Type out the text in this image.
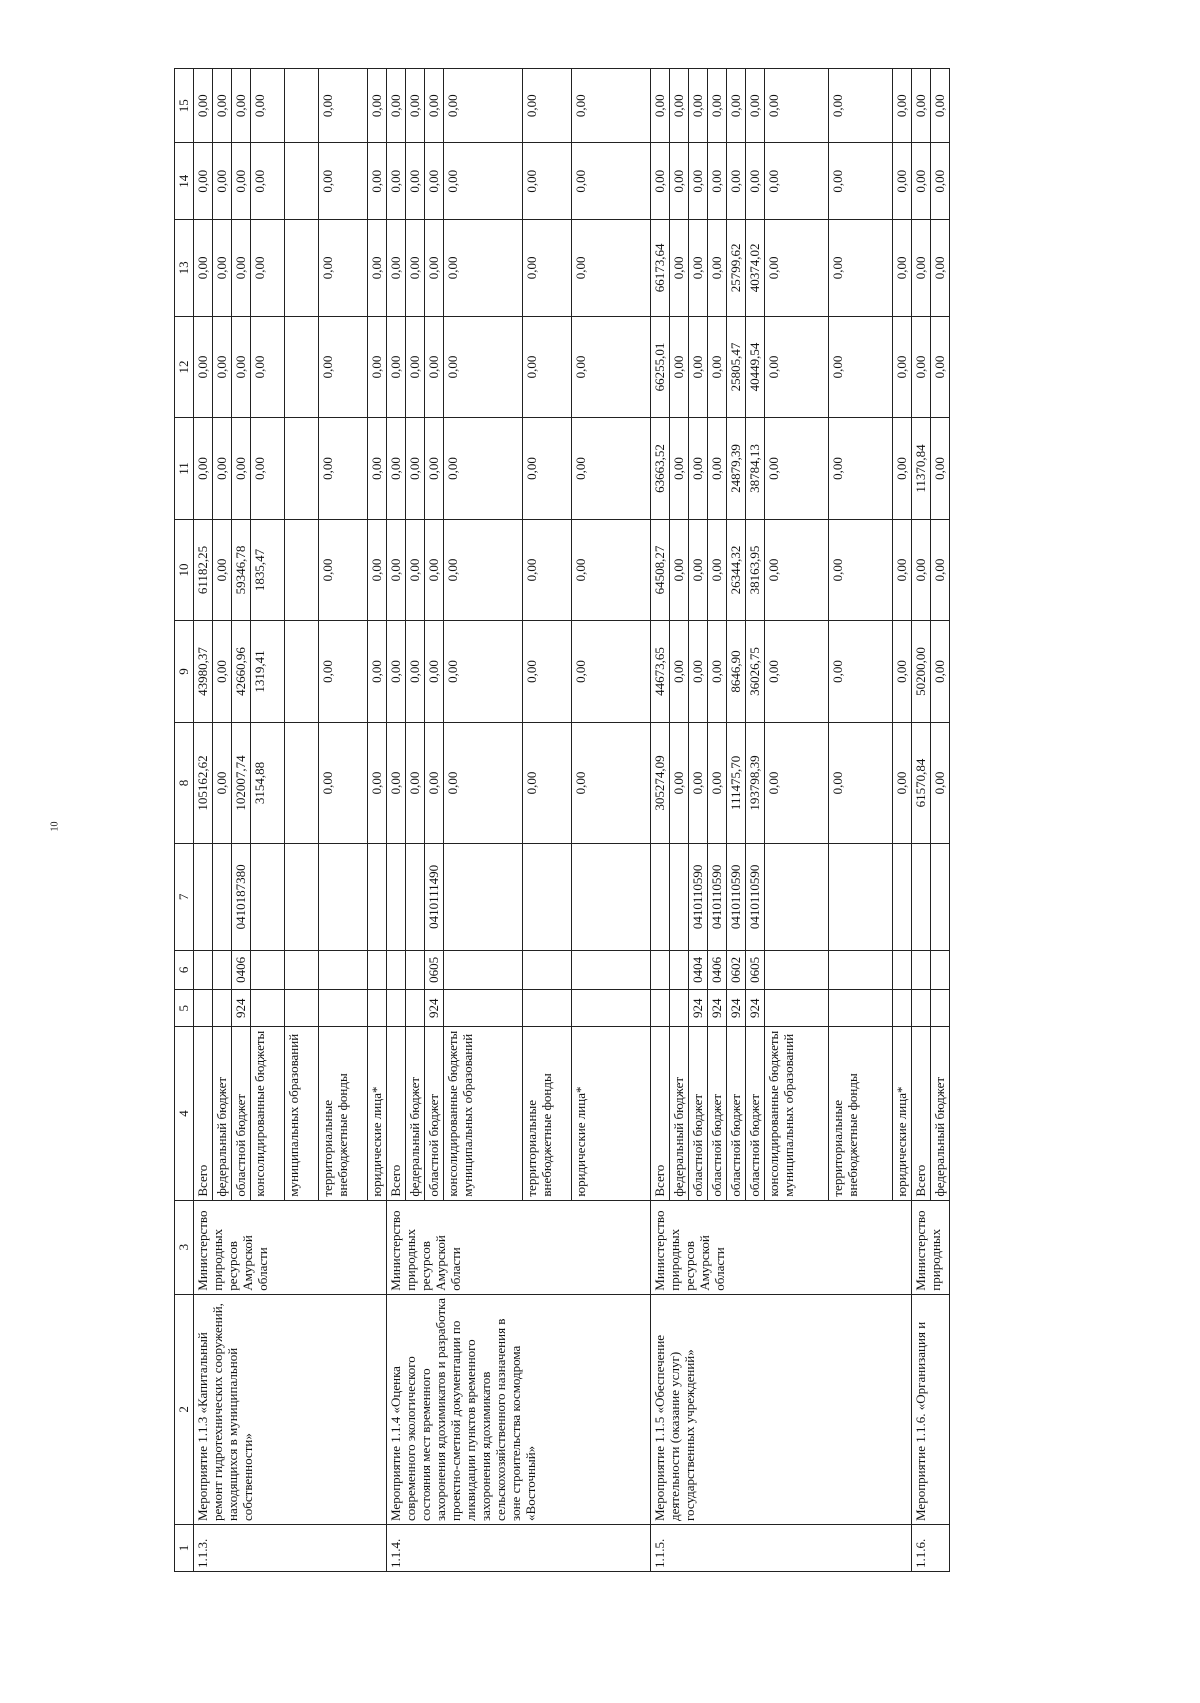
10
1	2	3	4	5	6	7	8	9	10	11	12	13	14	15
1.1.3.	Мероприятие 1.1.3 «Капитальный ремонт гидротехнических сооружений, находящихся в муниципальной собственности»	Министерство природных ресурсов Амурской области	Всего				105162,62	43980,37	61182,25	0,00	0,00	0,00	0,00	0,00
			федеральный бюджет				0,00	0,00	0,00	0,00	0,00	0,00	0,00	0,00
			областной бюджет	924	0406	0410187380	102007,74	42660,96	59346,78	0,00	0,00	0,00	0,00	0,00
			консолидированные бюджеты				3154,88	1319,41	1835,47	0,00	0,00	0,00	0,00	0,00
			муниципальных образований											
			территориальные внебюджетные фонды				0,00	0,00	0,00	0,00	0,00	0,00	0,00	0,00
			юридические лица*				0,00	0,00	0,00	0,00	0,00	0,00	0,00	0,00
1.1.4.	Мероприятие 1.1.4 «Оценка современного экологического состояния мест временного захоронения ядохимикатов и разработка проектно-сметной документации по ликвидации пунктов временного захоронения ядохимикатов сельскохозяйственного назначения в зоне строительства космодрома «Восточный»	Министерство природных ресурсов Амурской области	Всего				0,00	0,00	0,00	0,00	0,00	0,00	0,00	0,00
			федеральный бюджет				0,00	0,00	0,00	0,00	0,00	0,00	0,00	0,00
			областной бюджет	924	0605	0410111490	0,00	0,00	0,00	0,00	0,00	0,00	0,00	0,00
			консолидированные бюджеты муниципальных образований				0,00	0,00	0,00	0,00	0,00	0,00	0,00	0,00
			территориальные внебюджетные фонды				0,00	0,00	0,00	0,00	0,00	0,00	0,00	0,00
			юридические лица*				0,00	0,00	0,00	0,00	0,00	0,00	0,00	0,00
1.1.5.	Мероприятие 1.1.5 «Обеспечение деятельности (оказание услуг) государственных учреждений»	Министерство природных ресурсов Амурской области	Всего				305274,09	44673,65	64508,27	63663,52	66255,01	66173,64	0,00	0,00
			федеральный бюджет				0,00	0,00	0,00	0,00	0,00	0,00	0,00	0,00
			областной бюджет	924	0404	0410110590	0,00	0,00	0,00	0,00	0,00	0,00	0,00	0,00
			областной бюджет	924	0406	0410110590	0,00	0,00	0,00	0,00	0,00	0,00	0,00	0,00
			областной бюджет	924	0602	0410110590	111475,70	8646,90	26344,32	24879,39	25805,47	25799,62	0,00	0,00
			областной бюджет	924	0605	0410110590	193798,39	36026,75	38163,95	38784,13	40449,54	40374,02	0,00	0,00
			консолидированные бюджеты муниципальных образований				0,00	0,00	0,00	0,00	0,00	0,00	0,00	0,00
			территориальные внебюджетные фонды				0,00	0,00	0,00	0,00	0,00	0,00	0,00	0,00
			юридические лица*				0,00	0,00	0,00	0,00	0,00	0,00	0,00	0,00
1.1.6.	Мероприятие 1.1.6. «Организация и	Министерство природных	Всего				61570,84	50200,00	0,00	11370,84	0,00	0,00	0,00	0,00
			федеральный бюджет				0,00	0,00	0,00	0,00	0,00	0,00	0,00	0,00
